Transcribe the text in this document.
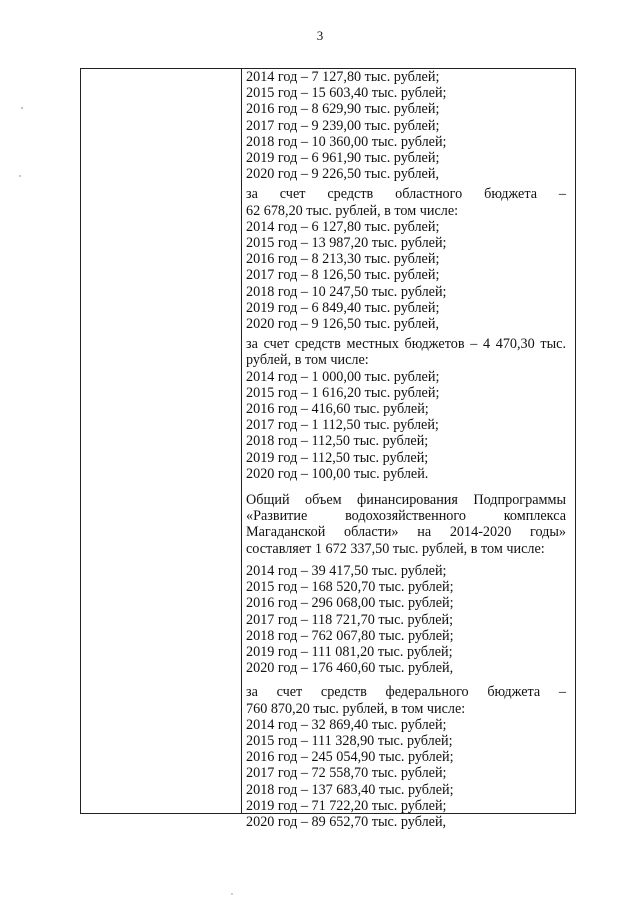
3
2014 год – 7 127,80 тыс. рублей;
2015 год – 15 603,40 тыс. рублей;
2016 год – 8 629,90 тыс. рублей;
2017 год – 9 239,00 тыс. рублей;
2018 год – 10 360,00 тыс. рублей;
2019 год – 6 961,90 тыс. рублей;
2020 год – 9 226,50 тыс. рублей,
за счет средств областного бюджета –
62 678,20 тыс. рублей, в том числе:
2014 год – 6 127,80 тыс. рублей;
2015 год – 13 987,20 тыс. рублей;
2016 год – 8 213,30 тыс. рублей;
2017 год – 8 126,50 тыс. рублей;
2018 год – 10 247,50 тыс. рублей;
2019 год – 6 849,40 тыс. рублей;
2020 год – 9 126,50 тыс. рублей,
за счет средств местных бюджетов – 4 470,30 тыс.
рублей, в том числе:
2014 год – 1 000,00 тыс. рублей;
2015 год – 1 616,20 тыс. рублей;
2016 год – 416,60 тыс. рублей;
2017 год – 1 112,50 тыс. рублей;
2018 год – 112,50 тыс. рублей;
2019 год – 112,50 тыс. рублей;
2020 год – 100,00 тыс. рублей.
Общий объем финансирования Подпрограммы
«Развитие водохозяйственного комплекса
Магаданской области» на 2014-2020 годы»
составляет 1 672 337,50 тыс. рублей, в том числе:
2014 год – 39 417,50 тыс. рублей;
2015 год – 168 520,70 тыс. рублей;
2016 год – 296 068,00 тыс. рублей;
2017 год – 118 721,70 тыс. рублей;
2018 год – 762 067,80 тыс. рублей;
2019 год – 111 081,20 тыс. рублей;
2020 год – 176 460,60 тыс. рублей,
за счет средств федерального бюджета –
760 870,20 тыс. рублей, в том числе:
2014 год – 32 869,40 тыс. рублей;
2015 год – 111 328,90 тыс. рублей;
2016 год – 245 054,90 тыс. рублей;
2017 год – 72 558,70 тыс. рублей;
2018 год – 137 683,40 тыс. рублей;
2019 год – 71 722,20 тыс. рублей;
2020 год – 89 652,70 тыс. рублей,
